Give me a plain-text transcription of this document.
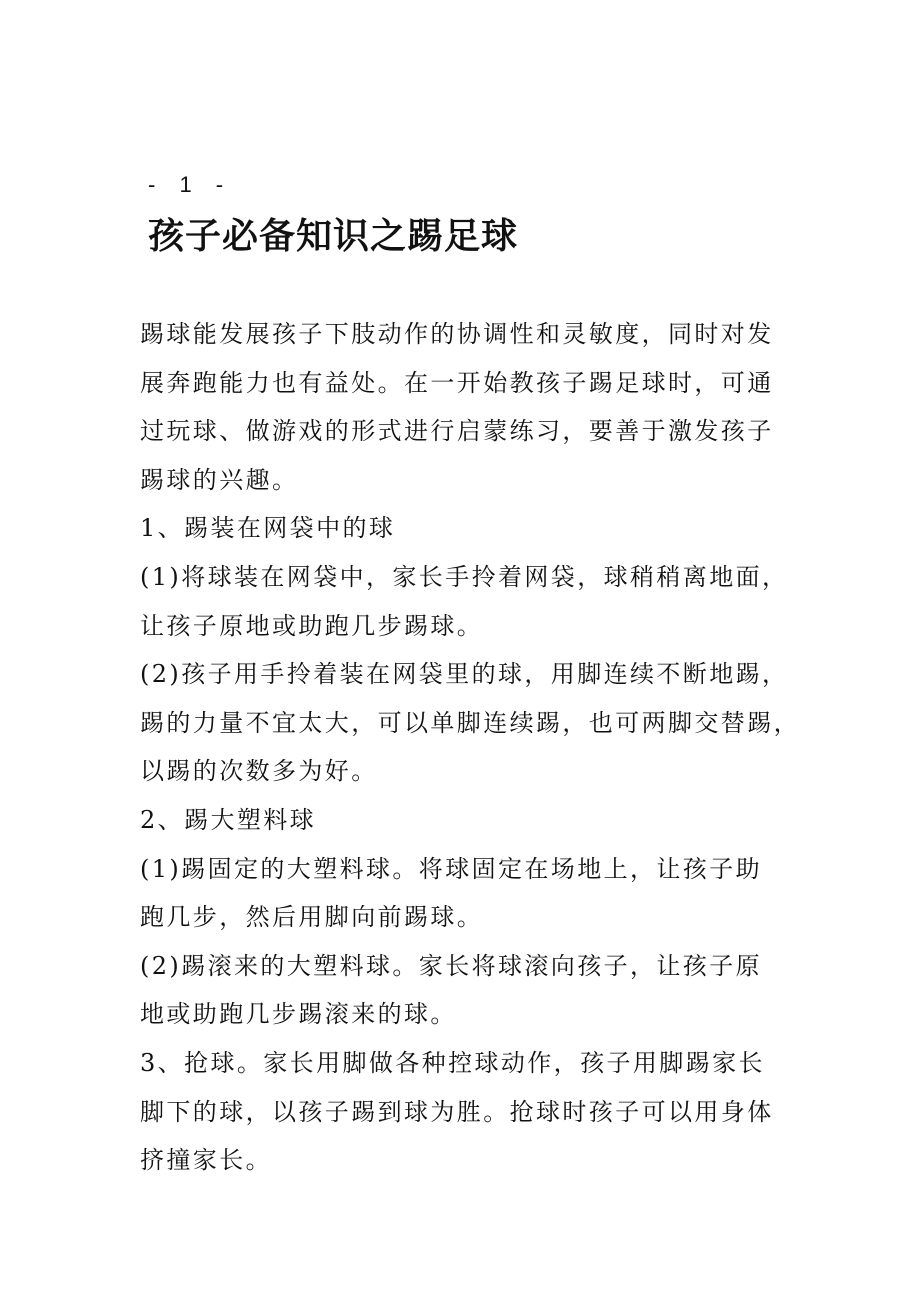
- 1 -
孩子必备知识之踢足球
踢球能发展孩子下肢动作的协调性和灵敏度，同时对发
展奔跑能力也有益处。在一开始教孩子踢足球时，可通
过玩球、做游戏的形式进行启蒙练习，要善于激发孩子
踢球的兴趣。
1、踢装在网袋中的球
(1)将球装在网袋中，家长手拎着网袋，球稍稍离地面，
让孩子原地或助跑几步踢球。
(2)孩子用手拎着装在网袋里的球，用脚连续不断地踢，
踢的力量不宜太大，可以单脚连续踢，也可两脚交替踢，
以踢的次数多为好。
2、踢大塑料球
(1)踢固定的大塑料球。将球固定在场地上，让孩子助
跑几步，然后用脚向前踢球。
(2)踢滚来的大塑料球。家长将球滚向孩子，让孩子原
地或助跑几步踢滚来的球。
3、抢球。家长用脚做各种控球动作，孩子用脚踢家长
脚下的球，以孩子踢到球为胜。抢球时孩子可以用身体
挤撞家长。
